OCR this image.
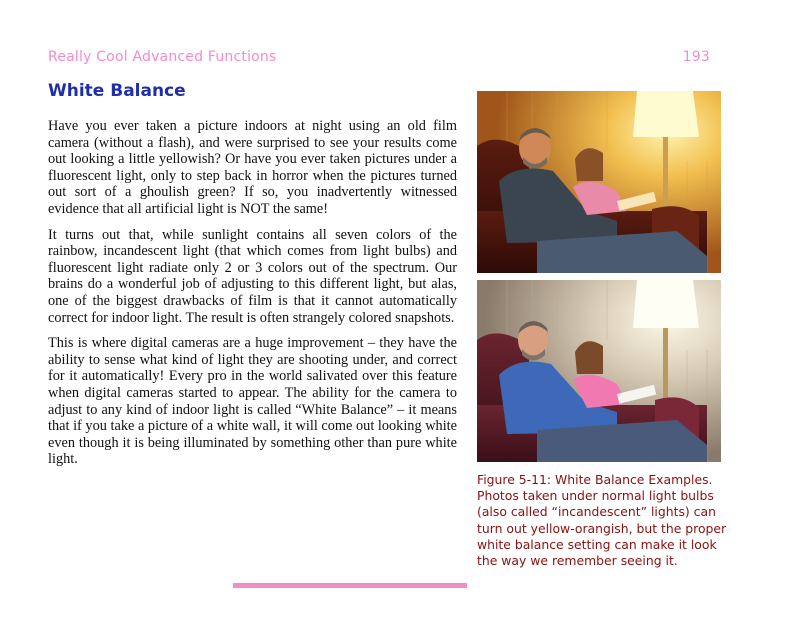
Really Cool Advanced Functions	193
White Balance

Have you ever taken a picture indoors at night using an old film camera (without a flash), and were surprised to see your results come out looking a little yellowish? Or have you ever taken pictures under a fluorescent light, only to step back in horror when the pictures turned out sort of a ghoulish green? If so, you inadvertently witnessed evidence that all artificial light is NOT the same!

It turns out that, while sunlight contains all seven colors of the rainbow, incandescent light (that which comes from light bulbs) and fluorescent light radiate only 2 or 3 colors out of the spectrum. Our brains do a wonderful job of adjusting to this different light, but alas, one of the biggest drawbacks of film is that it cannot automatically correct for indoor light. The result is often strangely colored snapshots.

This is where digital cameras are a huge improvement – they have the ability to sense what kind of light they are shooting under, and correct for it automatically! Every pro in the world salivated over this feature when digital cameras started to appear. The ability for the camera to adjust to any kind of indoor light is called “White Balance” – it means that if you take a picture of a white wall, it will come out looking white even though it is being illuminated by something other than pure white light.

Figure 5-11: White Balance Examples. Photos taken under normal light bulbs (also called “incandescent” lights) can turn out yellow-orangish, but the proper white balance setting can make it look the way we remember seeing it.
